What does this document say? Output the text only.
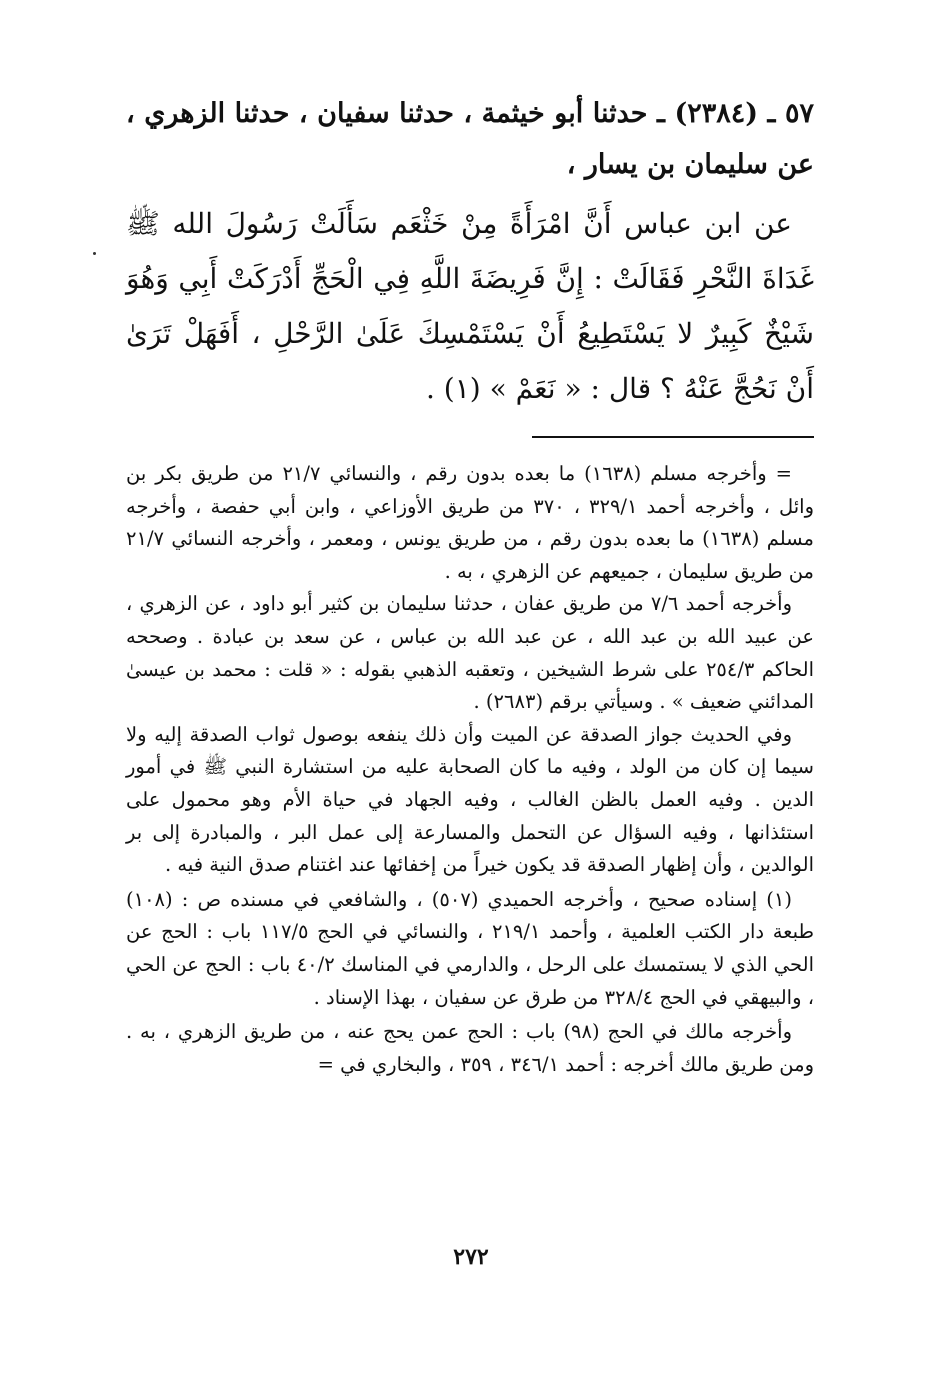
٥٧ ـ (٢٣٨٤) ـ حدثنا أبو خيثمة ، حدثنا سفيان ، حدثنا الزهري ، عن سليمان بن يسار ،

عن ابن عباس أَنَّ امْرَأَةً مِنْ خَثْعَم سَأَلَتْ رَسُولَ الله ﷺ غَدَاةَ النَّحْرِ فَقَالَتْ : إِنَّ فَرِيضَةَ اللَّهِ فِي الْحَجِّ أَدْرَكَتْ أَبِي وَهُوَ شَيْخٌ كَبِيرٌ لا يَسْتَطِيعُ أَنْ يَسْتَمْسِكَ عَلَىٰ الرَّحْلِ ، أَفَهَلْ تَرَىٰ أَنْ نَحُجَّ عَنْهُ ؟ قال : « نَعَمْ » (١) .

= وأخرجه مسلم (١٦٣٨) ما بعده بدون رقم ، والنسائي ٢١/٧ من طريق بكر بن وائل ، وأخرجه أحمد ٣٢٩/١ ، ٣٧٠ من طريق الأوزاعي ، وابن أبي حفصة ، وأخرجه مسلم (١٦٣٨) ما بعده بدون رقم ، من طريق يونس ، ومعمر ، وأخرجه النسائي ٢١/٧ من طريق سليمان ، جميعهم عن الزهري ، به .

وأخرجه أحمد ٧/٦ من طريق عفان ، حدثنا سليمان بن كثير أبو داود ، عن الزهري ، عن عبيد الله بن عبد الله ، عن عبد الله بن عباس ، عن سعد بن عبادة . وصححه الحاكم ٢٥٤/٣ على شرط الشيخين ، وتعقبه الذهبي بقوله : « قلت : محمد بن عيسىٰ المدائني ضعيف » . وسيأتي برقم (٢٦٨٣) .

وفي الحديث جواز الصدقة عن الميت وأن ذلك ينفعه بوصول ثواب الصدقة إليه ولا سيما إن كان من الولد ، وفيه ما كان الصحابة عليه من استشارة النبي ﷺ في أمور الدين . وفيه العمل بالظن الغالب ، وفيه الجهاد في حياة الأم وهو محمول على استئذانها ، وفيه السؤال عن التحمل والمسارعة إلى عمل البر ، والمبادرة إلى بر الوالدين ، وأن إظهار الصدقة قد يكون خيراً من إخفائها عند اغتنام صدق النية فيه .

(١) إسناده صحيح ، وأخرجه الحميدي (٥٠٧) ، والشافعي في مسنده ص : (١٠٨) طبعة دار الكتب العلمية ، وأحمد ٢١٩/١ ، والنسائي في الحج ١١٧/٥ باب : الحج عن الحي الذي لا يستمسك على الرحل ، والدارمي في المناسك ٤٠/٢ باب : الحج عن الحي ، والبيهقي في الحج ٣٢٨/٤ من طرق عن سفيان ، بهذا الإسناد .

وأخرجه مالك في الحج (٩٨) باب : الحج عمن يحج عنه ، من طريق الزهري ، به . ومن طريق مالك أخرجه : أحمد ٣٤٦/١ ، ٣٥٩ ، والبخاري في =

٢٧٢
